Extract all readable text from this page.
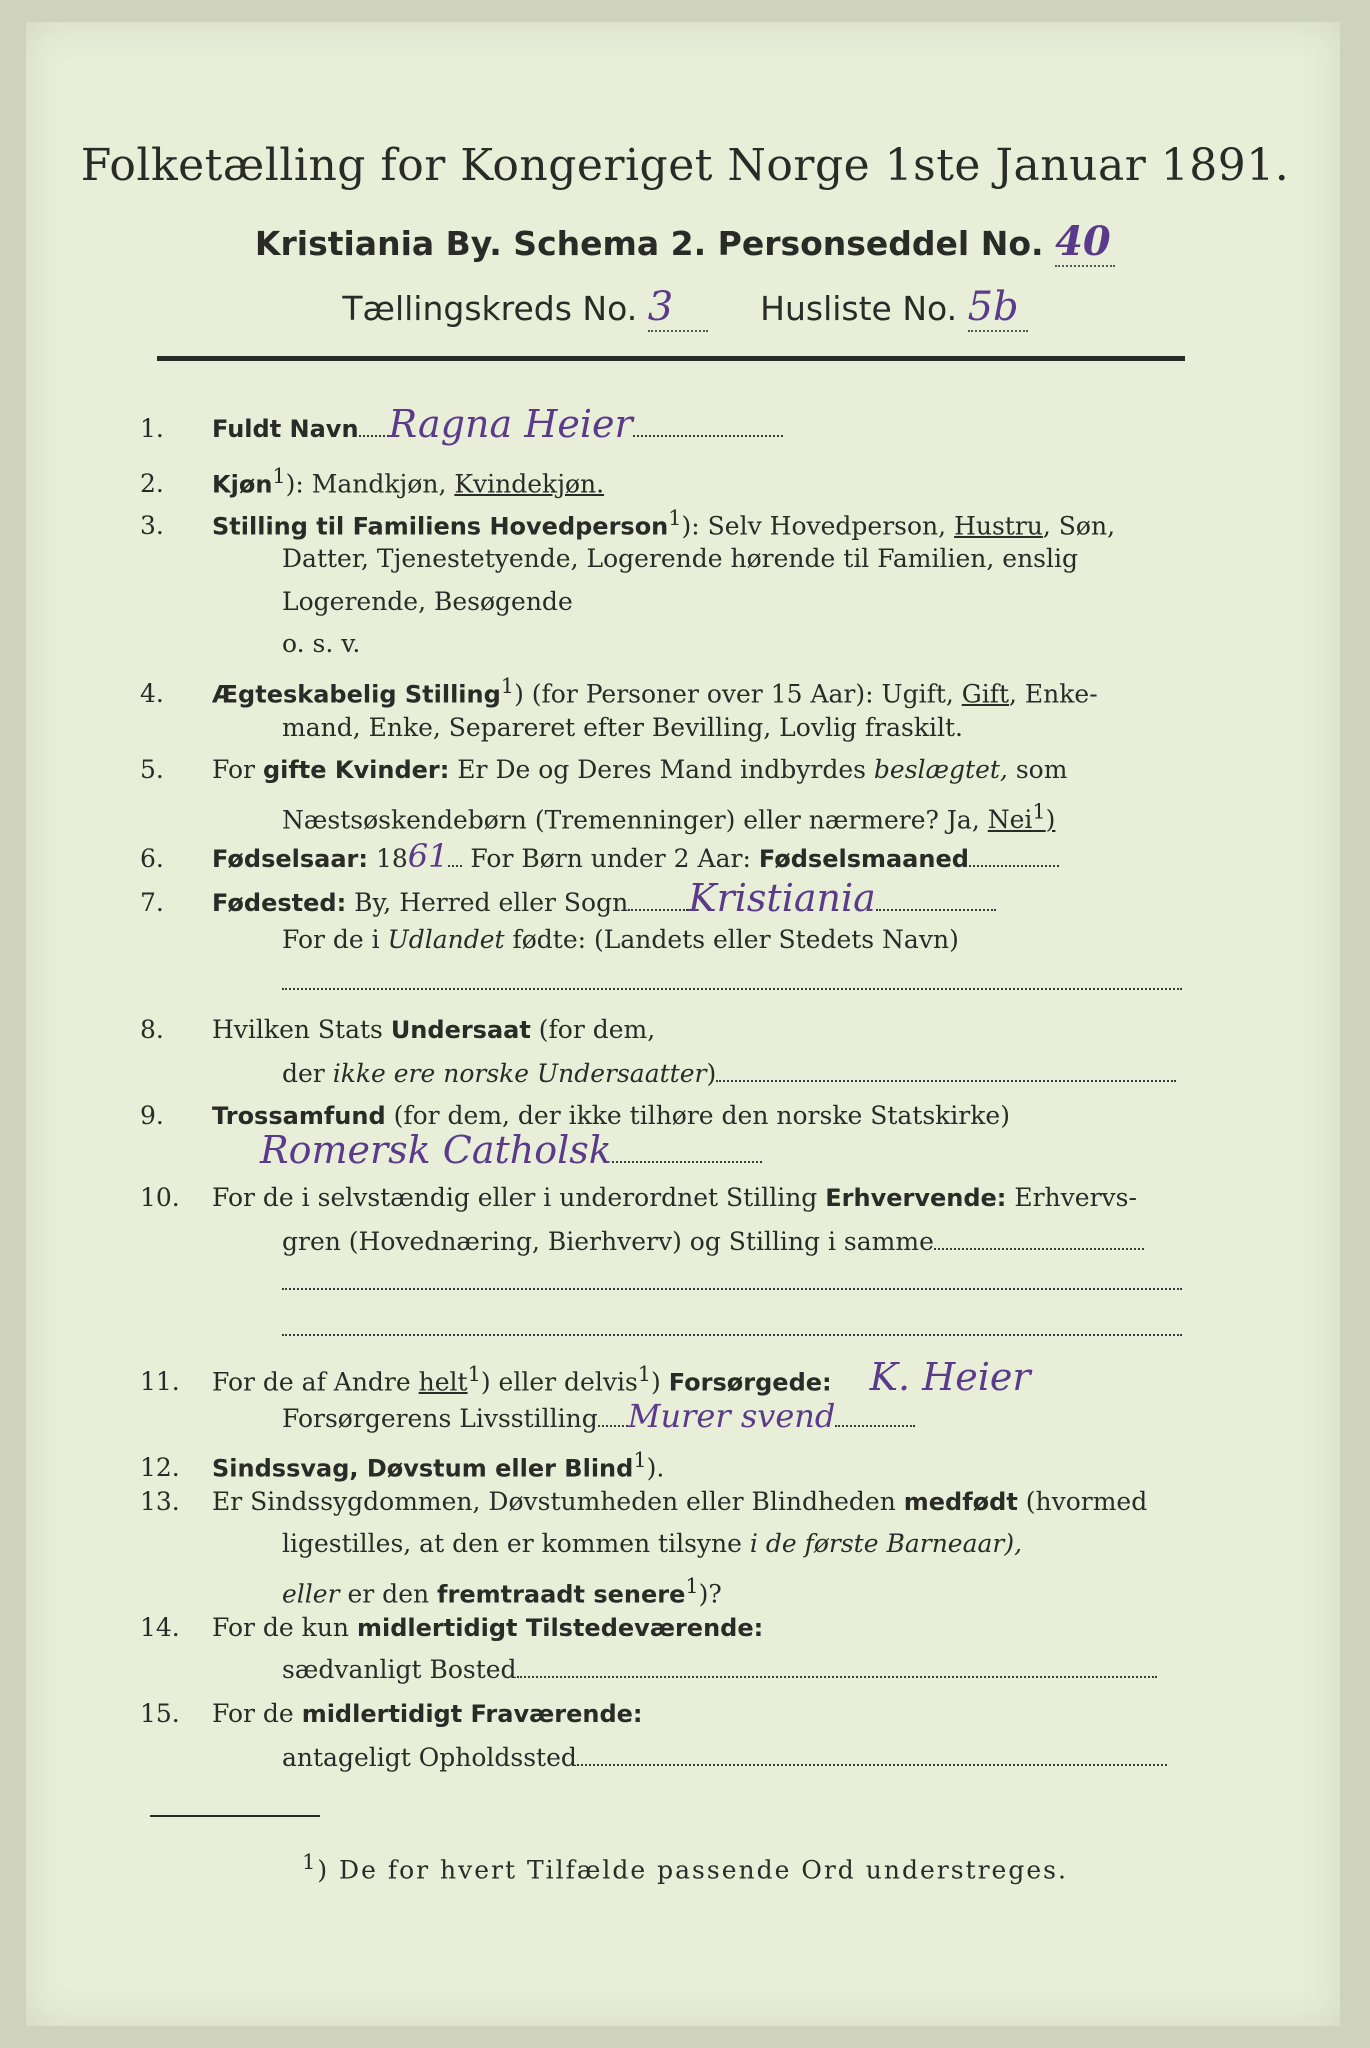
Folketælling for Kongeriget Norge 1ste Januar 1891.
Kristiania By. Schema 2. Personseddel No. 40
Tællingskreds No. 3	Husliste No. 5b
1. Fuldt Navn Ragna Heier
2. Kjøn$^1$): Mandkjøn, Kvindekjøn.
3. Stilling til Familiens Hovedperson$^1$): Selv Hovedperson, Hustru, Søn,
Datter, Tjenestetyende, Logerende hørende til Familien, enslig
Logerende, Besøgende
o. s. v.
4. Ægteskabelig Stilling$^1$) (for Personer over 15 Aar): Ugift, Gift, Enke-
mand, Enke, Separeret efter Bevilling, Lovlig fraskilt.
5. For gifte Kvinder: Er De og Deres Mand indbyrdes beslægtet, som
Næstsøskendebørn (Tremenninger) eller nærmere? Ja, Nei$^1$)
6. Fødselsaar: 1861 For Børn under 2 Aar: Fødselsmaaned
7. Fødested: By, Herred eller Sogn Kristiania
For de i Udlandet fødte: (Landets eller Stedets Navn)
8. Hvilken Stats Undersaat (for dem,
der ikke ere norske Undersaatter)
9. Trossamfund (for dem, der ikke tilhøre den norske Statskirke)
Romersk Catholsk
10. For de i selvstændig eller i underordnet Stilling Erhvervende: Erhvervs-
gren (Hovednæring, Bierhverv) og Stilling i samme
11. For de af Andre helt$^1$) eller delvis$^1$) Forsørgede: K. Heier
Forsørgerens Livsstilling Murer svend
12. Sindssvag, Døvstum eller Blind$^1$).
13. Er Sindssygdommen, Døvstumheden eller Blindheden medfødt (hvormed
ligestilles, at den er kommen tilsyne i de første Barneaar),
eller er den fremtraadt senere$^1$)?
14. For de kun midlertidigt Tilstedeværende:
sædvanligt Bosted
15. For de midlertidigt Fraværende:
antageligt Opholdssted
$^1$) De for hvert Tilfælde passende Ord understreges.
